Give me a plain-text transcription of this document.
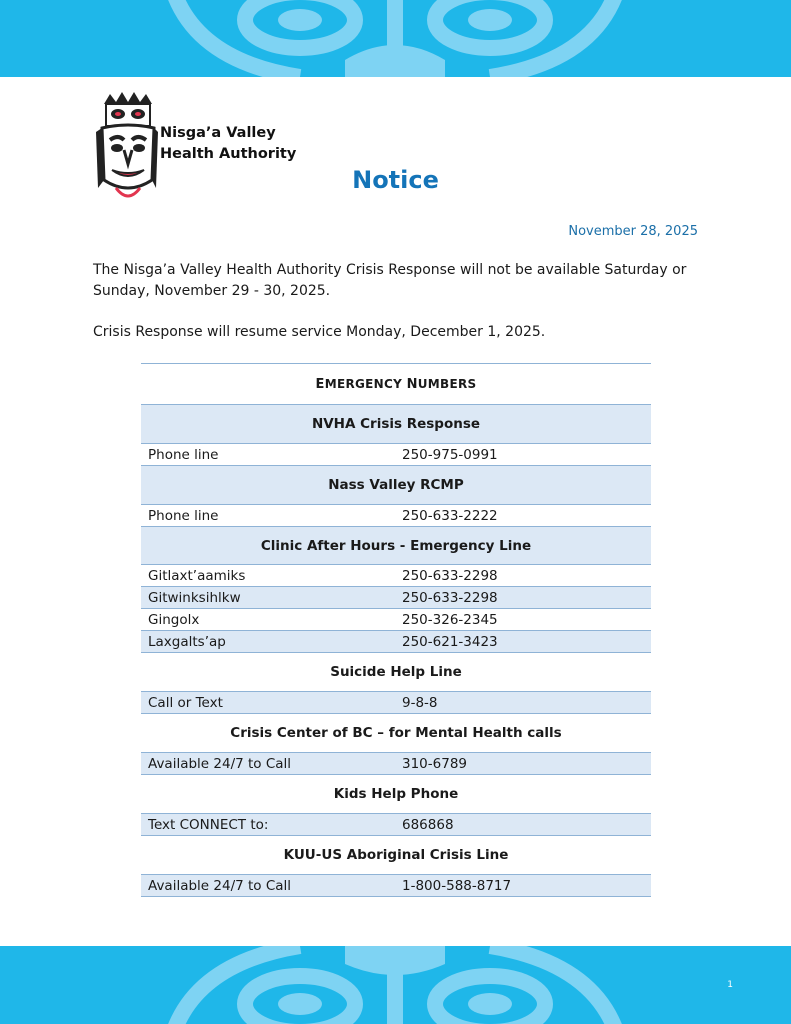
Nisga’a Valley
Health Authority
Notice
November 28, 2025
The Nisga’a Valley Health Authority Crisis Response will not be available Saturday or Sunday, November 29 - 30, 2025.
Crisis Response will resume service Monday, December 1, 2025.
EMERGENCY NUMBERS	
NVHA Crisis Response	
Phone line	250-975-0991
Nass Valley RCMP	
Phone line	250-633-2222
Clinic After Hours - Emergency Line	
Gitlaxt’aamiks	250-633-2298
Gitwinksihlkw	250-633-2298
Gingolx	250-326-2345
Laxgalts’ap	250-621-3423
Suicide Help Line	
Call or Text	9-8-8
Crisis Center of BC – for Mental Health calls	
Available 24/7 to Call	310-6789
Kids Help Phone	
Text CONNECT to:	686868
KUU-US Aboriginal Crisis Line	
Available 24/7 to Call	1-800-588-8717
1
